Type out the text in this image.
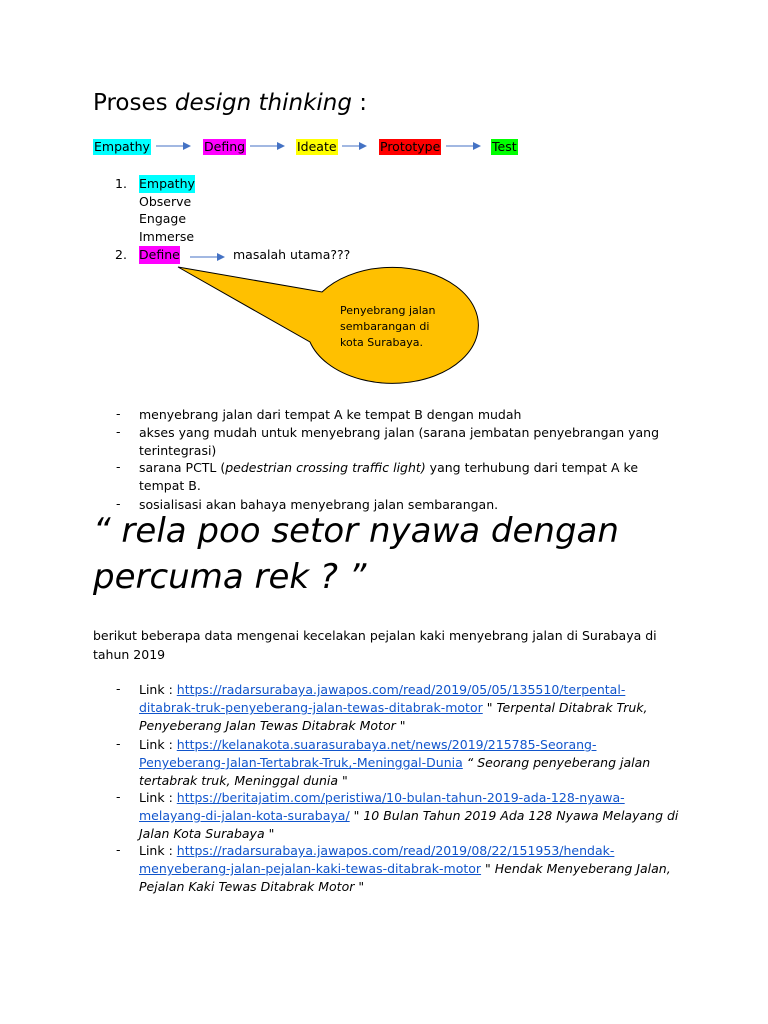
Proses design thinking :
Empathy	Defing	Ideate	Prototype	Test
1. Empathy
Observe
Engage
Immerse
2. Define	masalah utama???
Penyebrang jalan sembarangan di kota Surabaya.
- menyebrang jalan dari tempat A ke tempat B dengan mudah
- akses yang mudah untuk menyebrang jalan (sarana jembatan penyebrangan yang terintegrasi)
- sarana PCTL (pedestrian crossing traffic light) yang terhubung dari tempat A ke tempat B.
- sosialisasi akan bahaya menyebrang jalan sembarangan.
“ rela poo setor nyawa dengan percuma rek ? ”
berikut beberapa data mengenai kecelakan pejalan kaki menyebrang jalan di Surabaya di tahun 2019
- Link : https://radarsurabaya.jawapos.com/read/2019/05/05/135510/terpental-ditabrak-truk-penyeberang-jalan-tewas-ditabrak-motor " Terpental Ditabrak Truk, Penyeberang Jalan Tewas Ditabrak Motor "
- Link : https://kelanakota.suarasurabaya.net/news/2019/215785-Seorang-Penyeberang-Jalan-Tertabrak-Truk,-Meninggal-Dunia “ Seorang penyeberang jalan tertabrak truk, Meninggal dunia "
- Link : https://beritajatim.com/peristiwa/10-bulan-tahun-2019-ada-128-nyawa-melayang-di-jalan-kota-surabaya/ " 10 Bulan Tahun 2019 Ada 128 Nyawa Melayang di Jalan Kota Surabaya "
- Link : https://radarsurabaya.jawapos.com/read/2019/08/22/151953/hendak-menyeberang-jalan-pejalan-kaki-tewas-ditabrak-motor " Hendak Menyeberang Jalan, Pejalan Kaki Tewas Ditabrak Motor "
